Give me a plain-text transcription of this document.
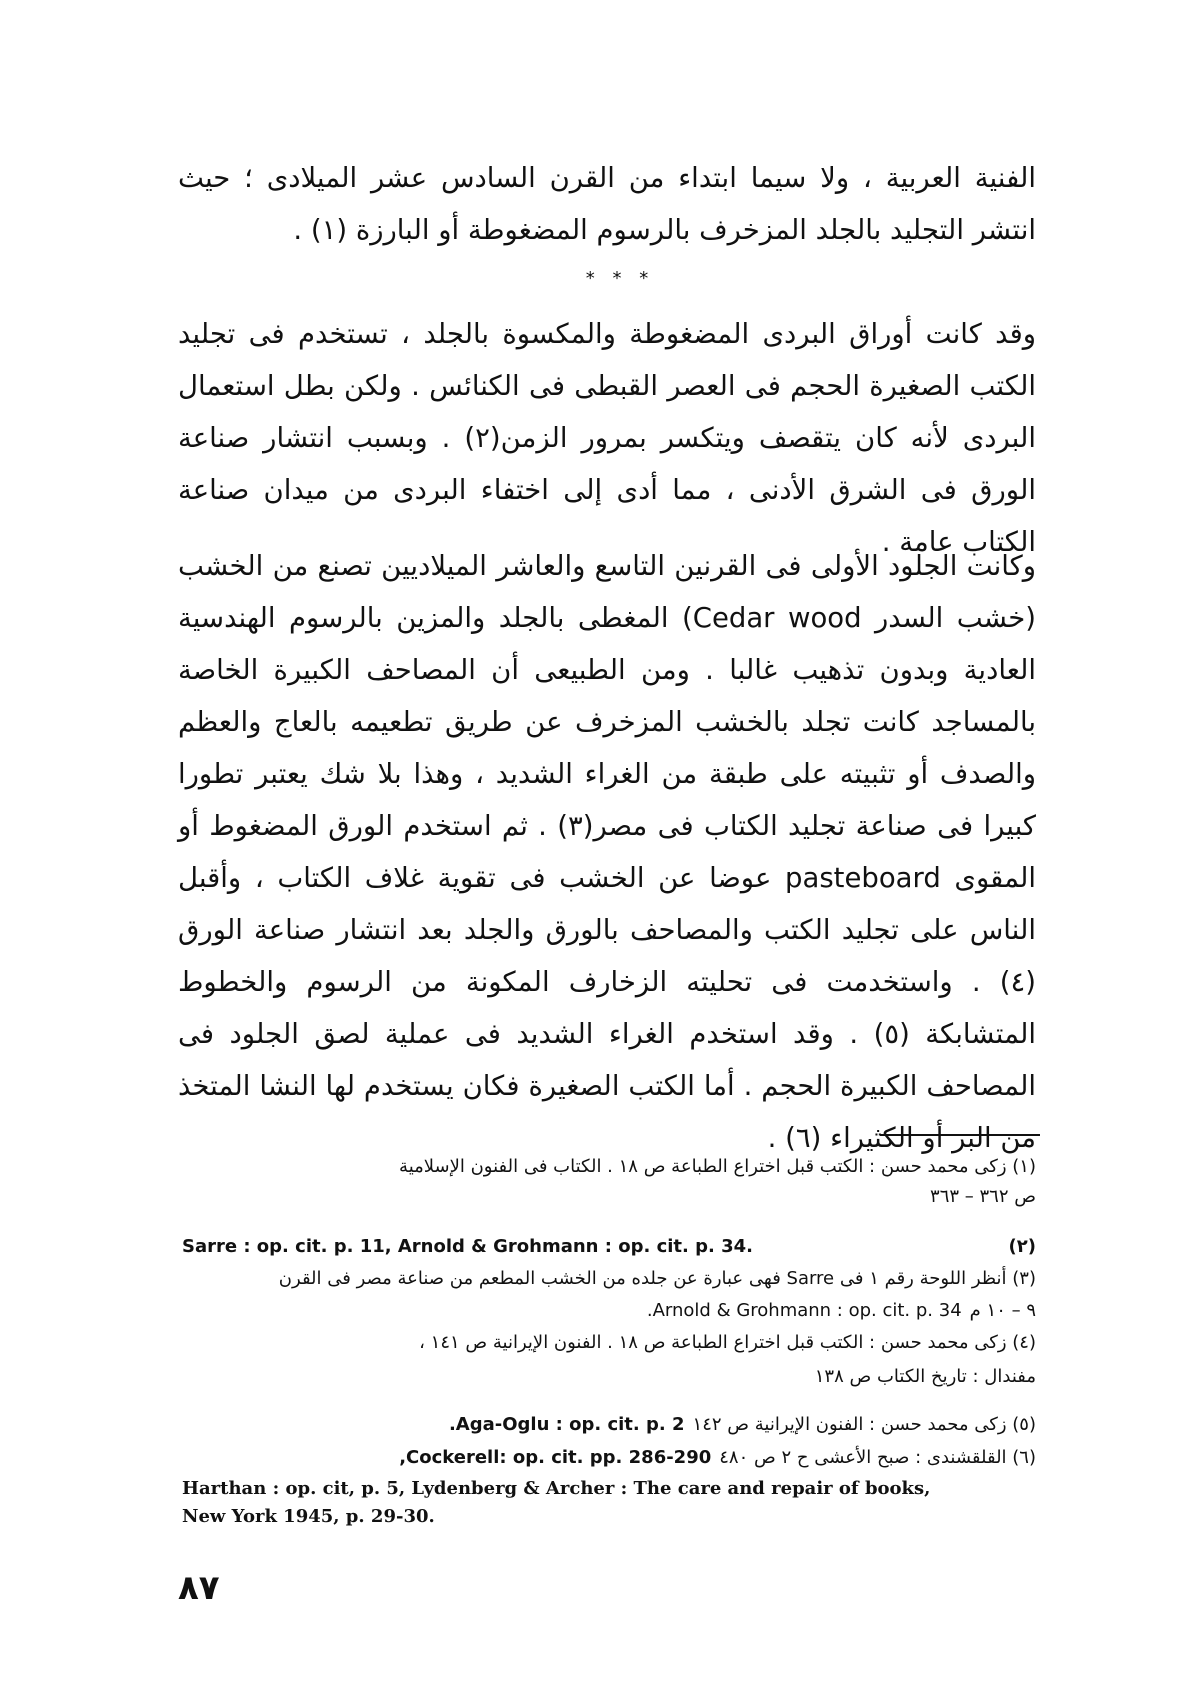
الفنية العربية ، ولا سيما ابتداء من القرن السادس عشر الميلادى ؛ حيث انتشر التجليد بالجلد المزخرف بالرسوم المضغوطة أو البارزة (١) .

* * *

وقد كانت أوراق البردى المضغوطة والمكسوة بالجلد ، تستخدم فى تجليد الكتب الصغيرة الحجم فى العصر القبطى فى الكنائس . ولكن بطل استعمال البردى لأنه كان يتقصف ويتكسر بمرور الزمن(٢) . وبسبب انتشار صناعة الورق فى الشرق الأدنى ، مما أدى إلى اختفاء البردى من ميدان صناعة الكتاب عامة .

وكانت الجلود الأولى فى القرنين التاسع والعاشر الميلاديين تصنع من الخشب (خشب السدر Cedar wood) المغطى بالجلد والمزين بالرسوم الهندسية العادية وبدون تذهيب غالبا . ومن الطبيعى أن المصاحف الكبيرة الخاصة بالمساجد كانت تجلد بالخشب المزخرف عن طريق تطعيمه بالعاج والعظم والصدف أو تثبيته على طبقة من الغراء الشديد ، وهذا بلا شك يعتبر تطورا كبيرا فى صناعة تجليد الكتاب فى مصر(٣) . ثم استخدم الورق المضغوط أو المقوى pasteboard عوضا عن الخشب فى تقوية غلاف الكتاب ، وأقبل الناس على تجليد الكتب والمصاحف بالورق والجلد بعد انتشار صناعة الورق (٤) . واستخدمت فى تحليته الزخارف المكونة من الرسوم والخطوط المتشابكة (٥) . وقد استخدم الغراء الشديد فى عملية لصق الجلود فى المصاحف الكبيرة الحجم . أما الكتب الصغيرة فكان يستخدم لها النشا المتخذ من البر أو الكثيراء (٦) .

(١) زكى محمد حسن : الكتب قبل اختراع الطباعة ص ١٨ . الكتاب فى الفنون الإسلامية

ص ٣٦٢ – ٣٦٣

(٢)
Sarre : op. cit. p. 11, Arnold & Grohmann : op. cit. p. 34.

(٣) أنظر اللوحة رقم ١ فى Sarre فهى عبارة عن جلده من الخشب المطعم من صناعة مصر فى القرن

٩ – ١٠ م
Arnold & Grohmann : op. cit. p. 34.

(٤) زكى محمد حسن : الكتب قبل اختراع الطباعة ص ١٨ . الفنون الإيرانية ص ١٤١ ،

مفندال : تاريخ الكتاب ص ١٣٨

(٥) زكى محمد حسن : الفنون الإيرانية ص ١٤٢
Aga-Oglu : op. cit. p. 2.
(٦) القلقشندى : صبح الأعشى ح ٢ ص ٤٨٠
Cockerell: op. cit. pp. 286-290,

Harthan : op. cit, p. 5, Lydenberg & Archer : The care and repair of books,

New York 1945, p. 29-30.

٨٧
